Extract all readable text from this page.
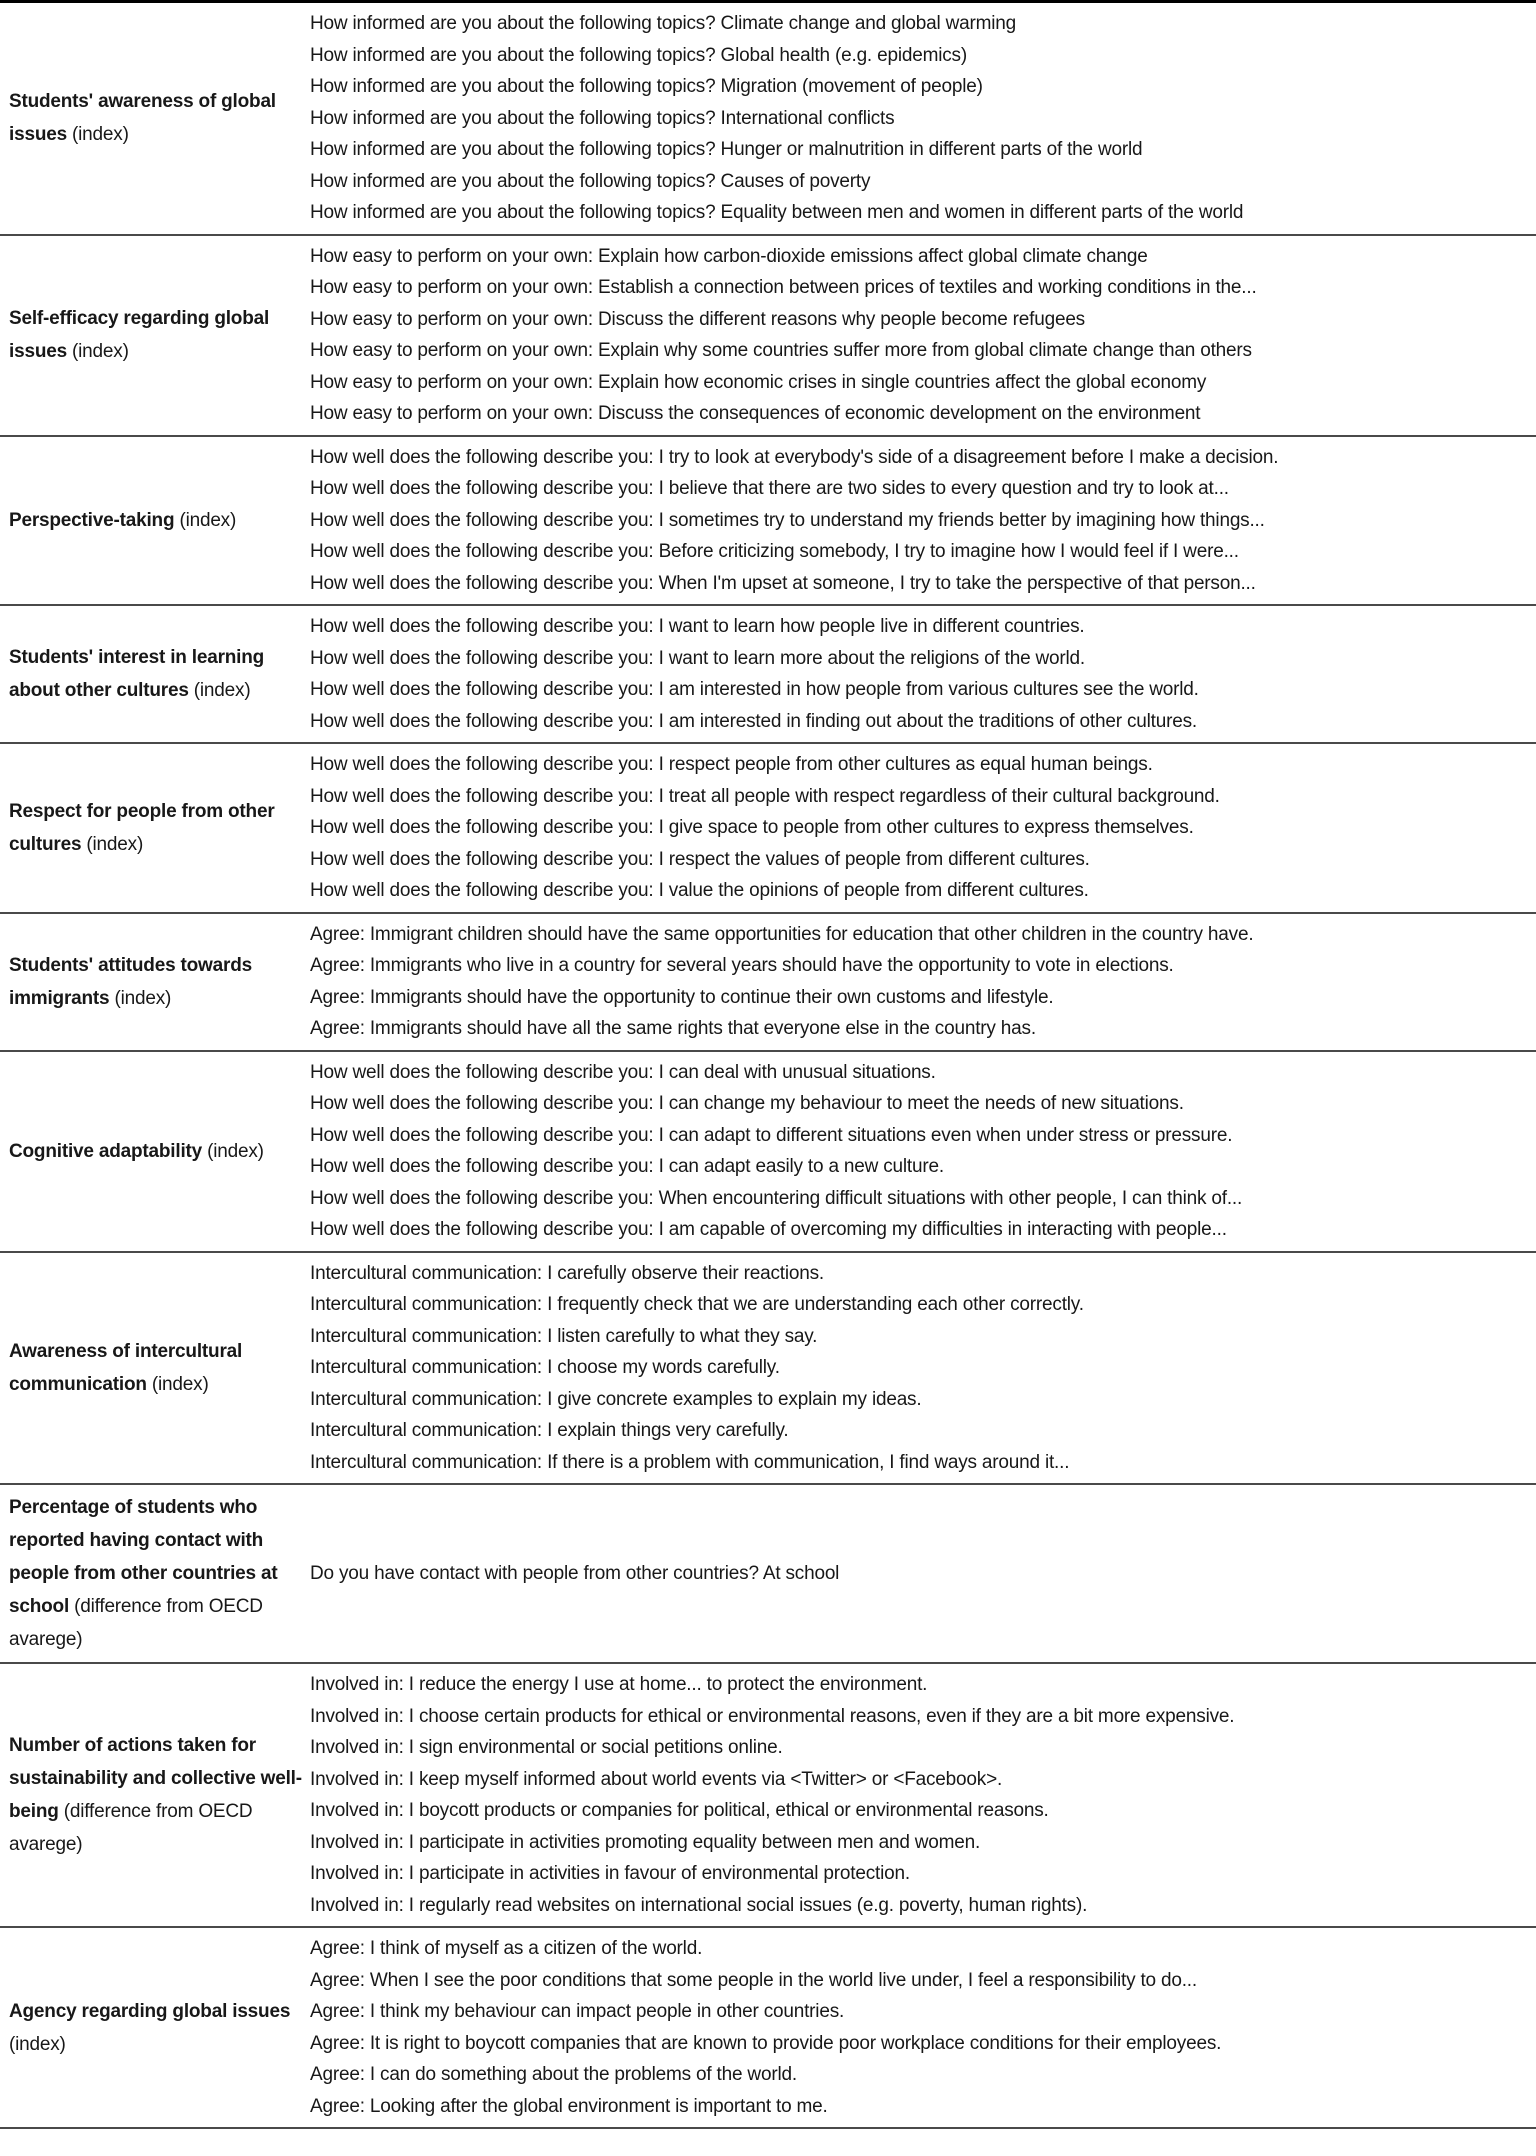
Students' awareness of global issues (index)	
How informed are you about the following topics? Climate change and global warming
How informed are you about the following topics? Global health (e.g. epidemics)
How informed are you about the following topics? Migration (movement of people)
How informed are you about the following topics? International conflicts
How informed are you about the following topics? Hunger or malnutrition in different parts of the world
How informed are you about the following topics? Causes of poverty
How informed are you about the following topics? Equality between men and women in different parts of the world

Self-efficacy regarding global issues (index)	
How easy to perform on your own: Explain how carbon-dioxide emissions affect global climate change
How easy to perform on your own: Establish a connection between prices of textiles and working conditions in the...
How easy to perform on your own: Discuss the different reasons why people become refugees
How easy to perform on your own: Explain why some countries suffer more from global climate change than others
How easy to perform on your own: Explain how economic crises in single countries affect the global economy
How easy to perform on your own: Discuss the consequences of economic development on the environment

Perspective-taking (index)	How well does the following describe you: I try to look at everybody's side of a disagreement before I make a decision.
How well does the following describe you: I believe that there are two sides to every question and try to look at...
How well does the following describe you: I sometimes try to understand my friends better by imagining how things...
How well does the following describe you: Before criticizing somebody, I try to imagine how I would feel if I were...
How well does the following describe you: When I'm upset at someone, I try to take the perspective of that person...

Students' interest in learning about other cultures (index)	How well does the following describe you: I want to learn how people live in different countries.
How well does the following describe you: I want to learn more about the religions of the world.
How well does the following describe you: I am interested in how people from various cultures see the world.
How well does the following describe you: I am interested in finding out about the traditions of other cultures.

Respect for people from other cultures (index)	How well does the following describe you: I respect people from other cultures as equal human beings.
How well does the following describe you: I treat all people with respect regardless of their cultural background.
How well does the following describe you: I give space to people from other cultures to express themselves.
How well does the following describe you: I respect the values of people from different cultures.
How well does the following describe you: I value the opinions of people from different cultures.

Students' attitudes towards immigrants (index)	Agree: Immigrant children should have the same opportunities for education that other children in the country have.
Agree: Immigrants who live in a country for several years should have the opportunity to vote in elections.
Agree: Immigrants should have the opportunity to continue their own customs and lifestyle.
Agree: Immigrants should have all the same rights that everyone else in the country has.

Cognitive adaptability (index)	
How well does the following describe you: I can deal with unusual situations.
How well does the following describe you: I can change my behaviour to meet the needs of new situations.
How well does the following describe you: I can adapt to different situations even when under stress or pressure.
How well does the following describe you: I can adapt easily to a new culture.
How well does the following describe you: When encountering difficult situations with other people, I can think of...
How well does the following describe you: I am capable of overcoming my difficulties in interacting with people...

Awareness of intercultural communication (index)	
Intercultural communication: I carefully observe their reactions.
Intercultural communication: I frequently check that we are understanding each other correctly.
Intercultural communication: I listen carefully to what they say.
Intercultural communication: I choose my words carefully.
Intercultural communication: I give concrete examples to explain my ideas.
Intercultural communication: I explain things very carefully.
Intercultural communication: If there is a problem with communication, I find ways around it...

Percentage of students who reported having contact with people from other countries at school (difference from OECD avarege)	Do you have contact with people from other countries? At school

Number of actions taken for sustainability and collective well-being (difference from OECD avarege)	
Involved in: I reduce the energy I use at home... to protect the environment.
Involved in: I choose certain products for ethical or environmental reasons, even if they are a bit more expensive.
Involved in: I sign environmental or social petitions online.
Involved in: I keep myself informed about world events via <Twitter> or <Facebook>.
Involved in: I boycott products or companies for political, ethical or environmental reasons.
Involved in: I participate in activities promoting equality between men and women.
Involved in: I participate in activities in favour of environmental protection.
Involved in: I regularly read websites on international social issues (e.g. poverty, human rights).

Agency regarding global issues (index)	
Agree: I think of myself as a citizen of the world.
Agree: When I see the poor conditions that some people in the world live under, I feel a responsibility to do...
Agree: I think my behaviour can impact people in other countries.
Agree: It is right to boycott companies that are known to provide poor workplace conditions for their employees.
Agree: I can do something about the problems of the world.
Agree: Looking after the global environment is important to me.
